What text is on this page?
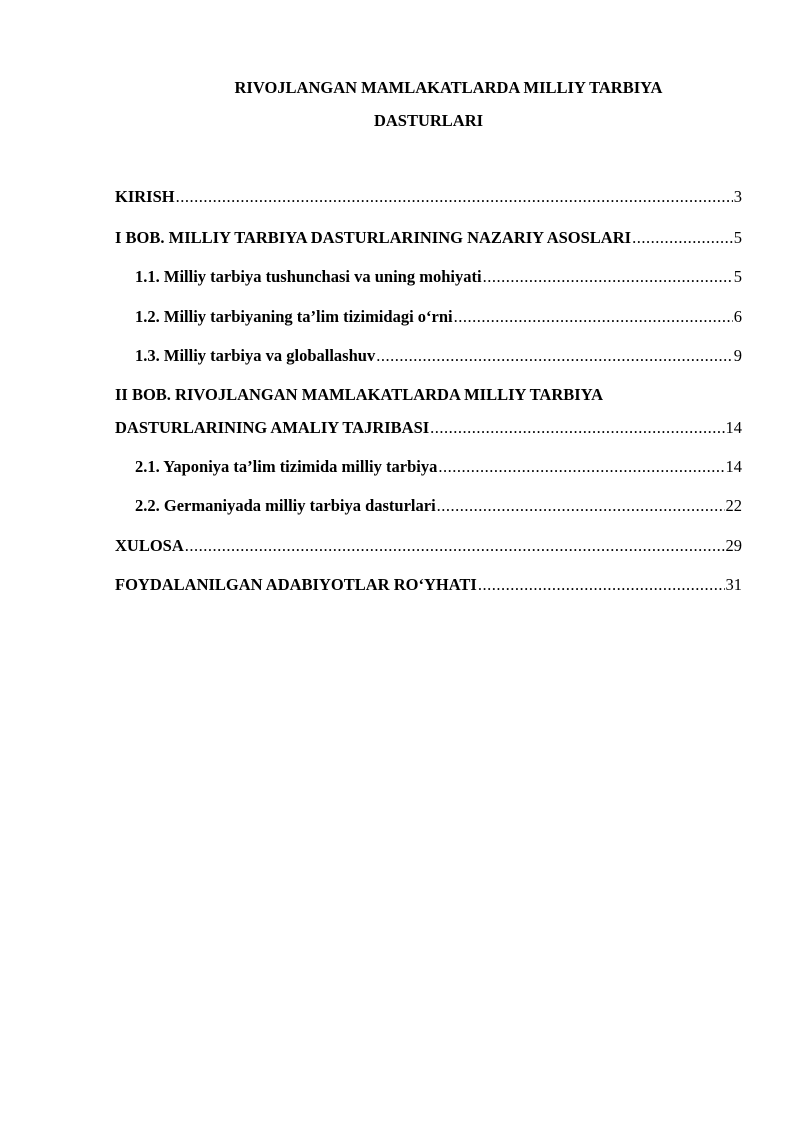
RIVOJLANGAN MAMLAKATLARDA MILLIY TARBIYA
DASTURLARI
KIRISH .....	3
I BOB. MILLIY TARBIYA DASTURLARINING NAZARIY ASOSLARI .....	5
1.1. Milliy tarbiya tushunchasi va uning mohiyati .....	5
1.2. Milliy tarbiyaning ta’lim tizimidagi o‘rni .....	6
1.3. Milliy tarbiya va globallashuv .....	9
II BOB. RIVOJLANGAN MAMLAKATLARDA MILLIY TARBIYA
DASTURLARINING AMALIY TAJRIBASI .....	14
2.1. Yaponiya ta’lim tizimida milliy tarbiya .....	14
2.2. Germaniyada milliy tarbiya dasturlari .....	22
XULOSA .....	29
FOYDALANILGAN ADABIYOTLAR RO‘YHATI .....	31
